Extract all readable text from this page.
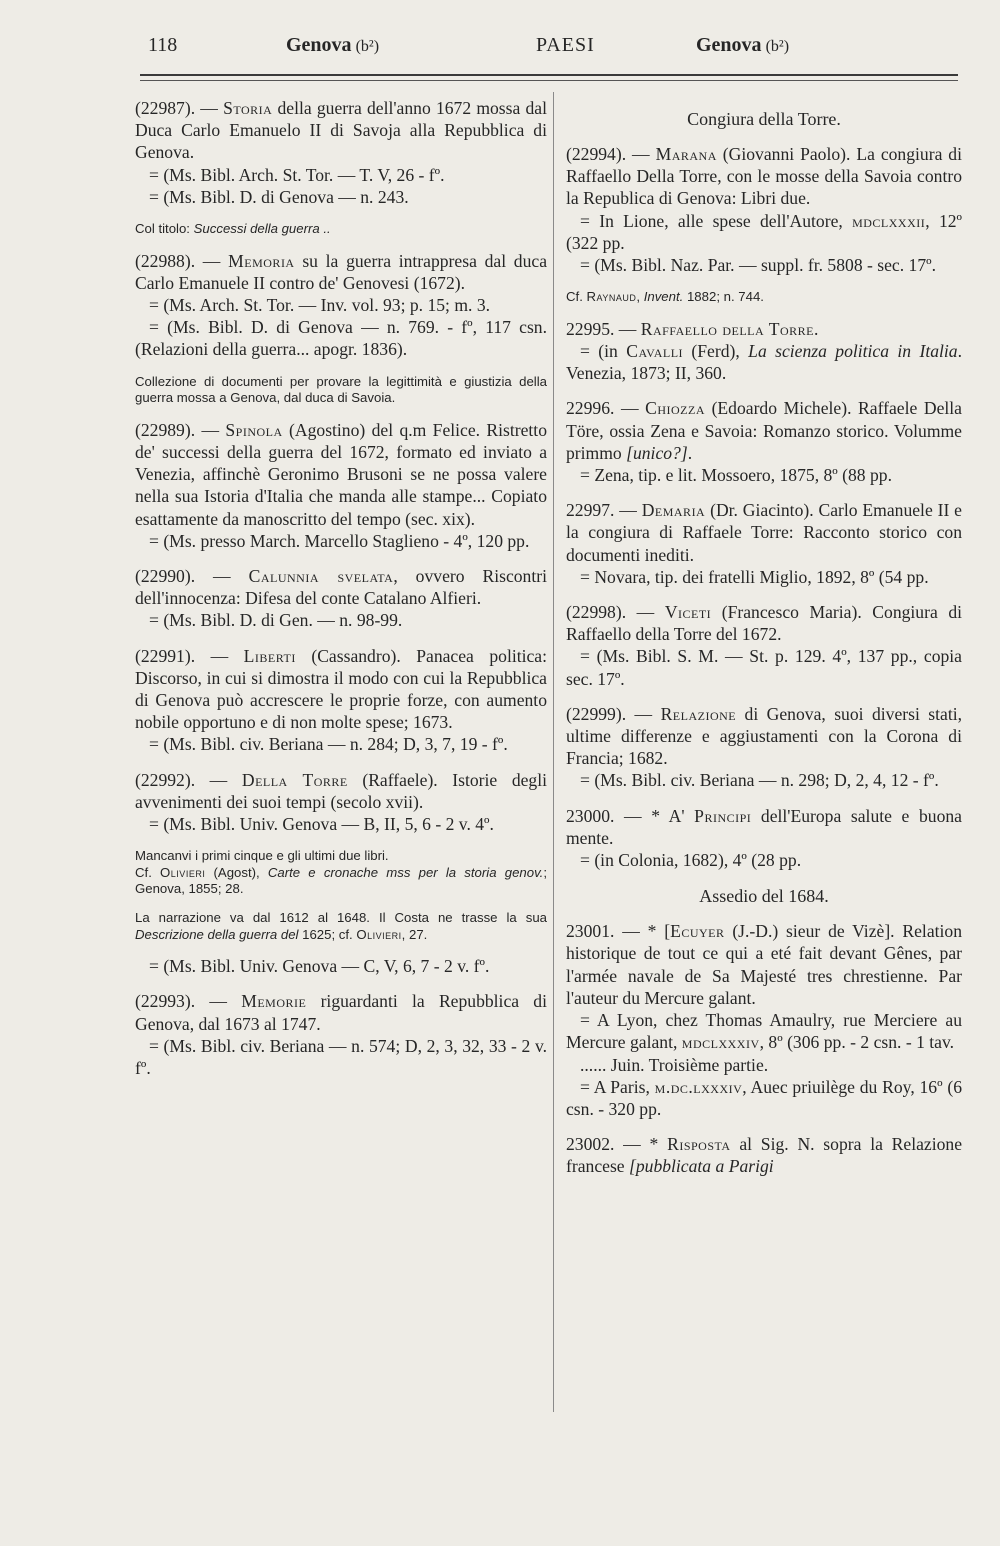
118	Genova (b²)	PAESI	Genova (b²)

(22987). — Storia della guerra dell'anno 1672 mossa dal Duca Carlo Emanuelo II di Savoja alla Repubblica di Genova.
= (Ms. Bibl. Arch. St. Tor. — T. V, 26 - fº.
= (Ms. Bibl. D. di Genova — n. 243.

Col titolo: Successi della guerra ..

(22988). — Memoria su la guerra intrappresa dal duca Carlo Emanuele II contro de' Genovesi (1672).
= (Ms. Arch. St. Tor. — Inv. vol. 93; p. 15; m. 3.
= (Ms. Bibl. D. di Genova — n. 769. - fº, 117 csn. (Relazioni della guerra... apogr. 1836).

Collezione di documenti per provare la legittimità e giustizia della guerra mossa a Genova, dal duca di Savoia.

(22989). — Spinola (Agostino) del q.m Felice. Ristretto de' successi della guerra del 1672, formato ed inviato a Venezia, affinchè Geronimo Brusoni se ne possa valere nella sua Istoria d'Italia che manda alle stampe... Copiato esattamente da manoscritto del tempo (sec. xix).
= (Ms. presso March. Marcello Staglieno - 4º, 120 pp.

(22990). — Calunnia svelata, ovvero Riscontri dell'innocenza: Difesa del conte Catalano Alfieri.
= (Ms. Bibl. D. di Gen. — n. 98-99.

(22991). — Liberti (Cassandro). Panacea politica: Discorso, in cui si dimostra il modo con cui la Repubblica di Genova può accrescere le proprie forze, con aumento nobile opportuno e di non molte spese; 1673.
= (Ms. Bibl. civ. Beriana — n. 284; D, 3, 7, 19 - fº.

(22992). — Della Torre (Raffaele). Istorie degli avvenimenti dei suoi tempi (secolo xvii).
= (Ms. Bibl. Univ. Genova — B, II, 5, 6 - 2 v. 4º.

Mancanvi i primi cinque e gli ultimi due libri.
Cf. Olivieri (Agost), Carte e cronache mss per la storia genov.; Genova, 1855; 28.

La narrazione va dal 1612 al 1648. Il Costa ne trasse la sua Descrizione della guerra del 1625; cf. Olivieri, 27.

= (Ms. Bibl. Univ. Genova — C, V, 6, 7 - 2 v. fº.

(22993). — Memorie riguardanti la Repubblica di Genova, dal 1673 al 1747.
= (Ms. Bibl. civ. Beriana — n. 574; D, 2, 3, 32, 33 - 2 v. fº.

Congiura della Torre.

(22994). — Marana (Giovanni Paolo). La congiura di Raffaello Della Torre, con le mosse della Savoia contro la Republica di Genova: Libri due.
= In Lione, alle spese dell'Autore, mdclxxxii, 12º (322 pp.
= (Ms. Bibl. Naz. Par. — suppl. fr. 5808 - sec. 17º.

Cf. Raynaud, Invent. 1882; n. 744.

22995. — Raffaello della Torre.
= (in Cavalli (Ferd), La scienza politica in Italia. Venezia, 1873; II, 360.

22996. — Chiozza (Edoardo Michele). Raffaele Della Töre, ossia Zena e Savoia: Romanzo storico. Volumme primmo [unico?].
= Zena, tip. e lit. Mossoero, 1875, 8º (88 pp.

22997. — Demaria (Dr. Giacinto). Carlo Emanuele II e la congiura di Raffaele Torre: Racconto storico con documenti inediti.
= Novara, tip. dei fratelli Miglio, 1892, 8º (54 pp.

(22998). — Viceti (Francesco Maria). Congiura di Raffaello della Torre del 1672.
= (Ms. Bibl. S. M. — St. p. 129. 4º, 137 pp., copia sec. 17º.

(22999). — Relazione di Genova, suoi diversi stati, ultime differenze e aggiustamenti con la Corona di Francia; 1682.
= (Ms. Bibl. civ. Beriana — n. 298; D, 2, 4, 12 - fº.

23000. — * A' Principi dell'Europa salute e buona mente.
= (in Colonia, 1682), 4º (28 pp.

Assedio del 1684.

23001. — * [Ecuyer (J.-D.) sieur de Vizè]. Relation historique de tout ce qui a eté fait devant Gênes, par l'armée navale de Sa Majesté tres chrestienne. Par l'auteur du Mercure galant.
= A Lyon, chez Thomas Amaulry, rue Merciere au Mercure galant, mdclxxxiv, 8º (306 pp. - 2 csn. - 1 tav.
...... Juin. Troisième partie.
= A Paris, m.dc.lxxxiv, Auec priuilège du Roy, 16º (6 csn. - 320 pp.

23002. — * Risposta al Sig. N. sopra la Relazione francese [pubblicata a Parigi
